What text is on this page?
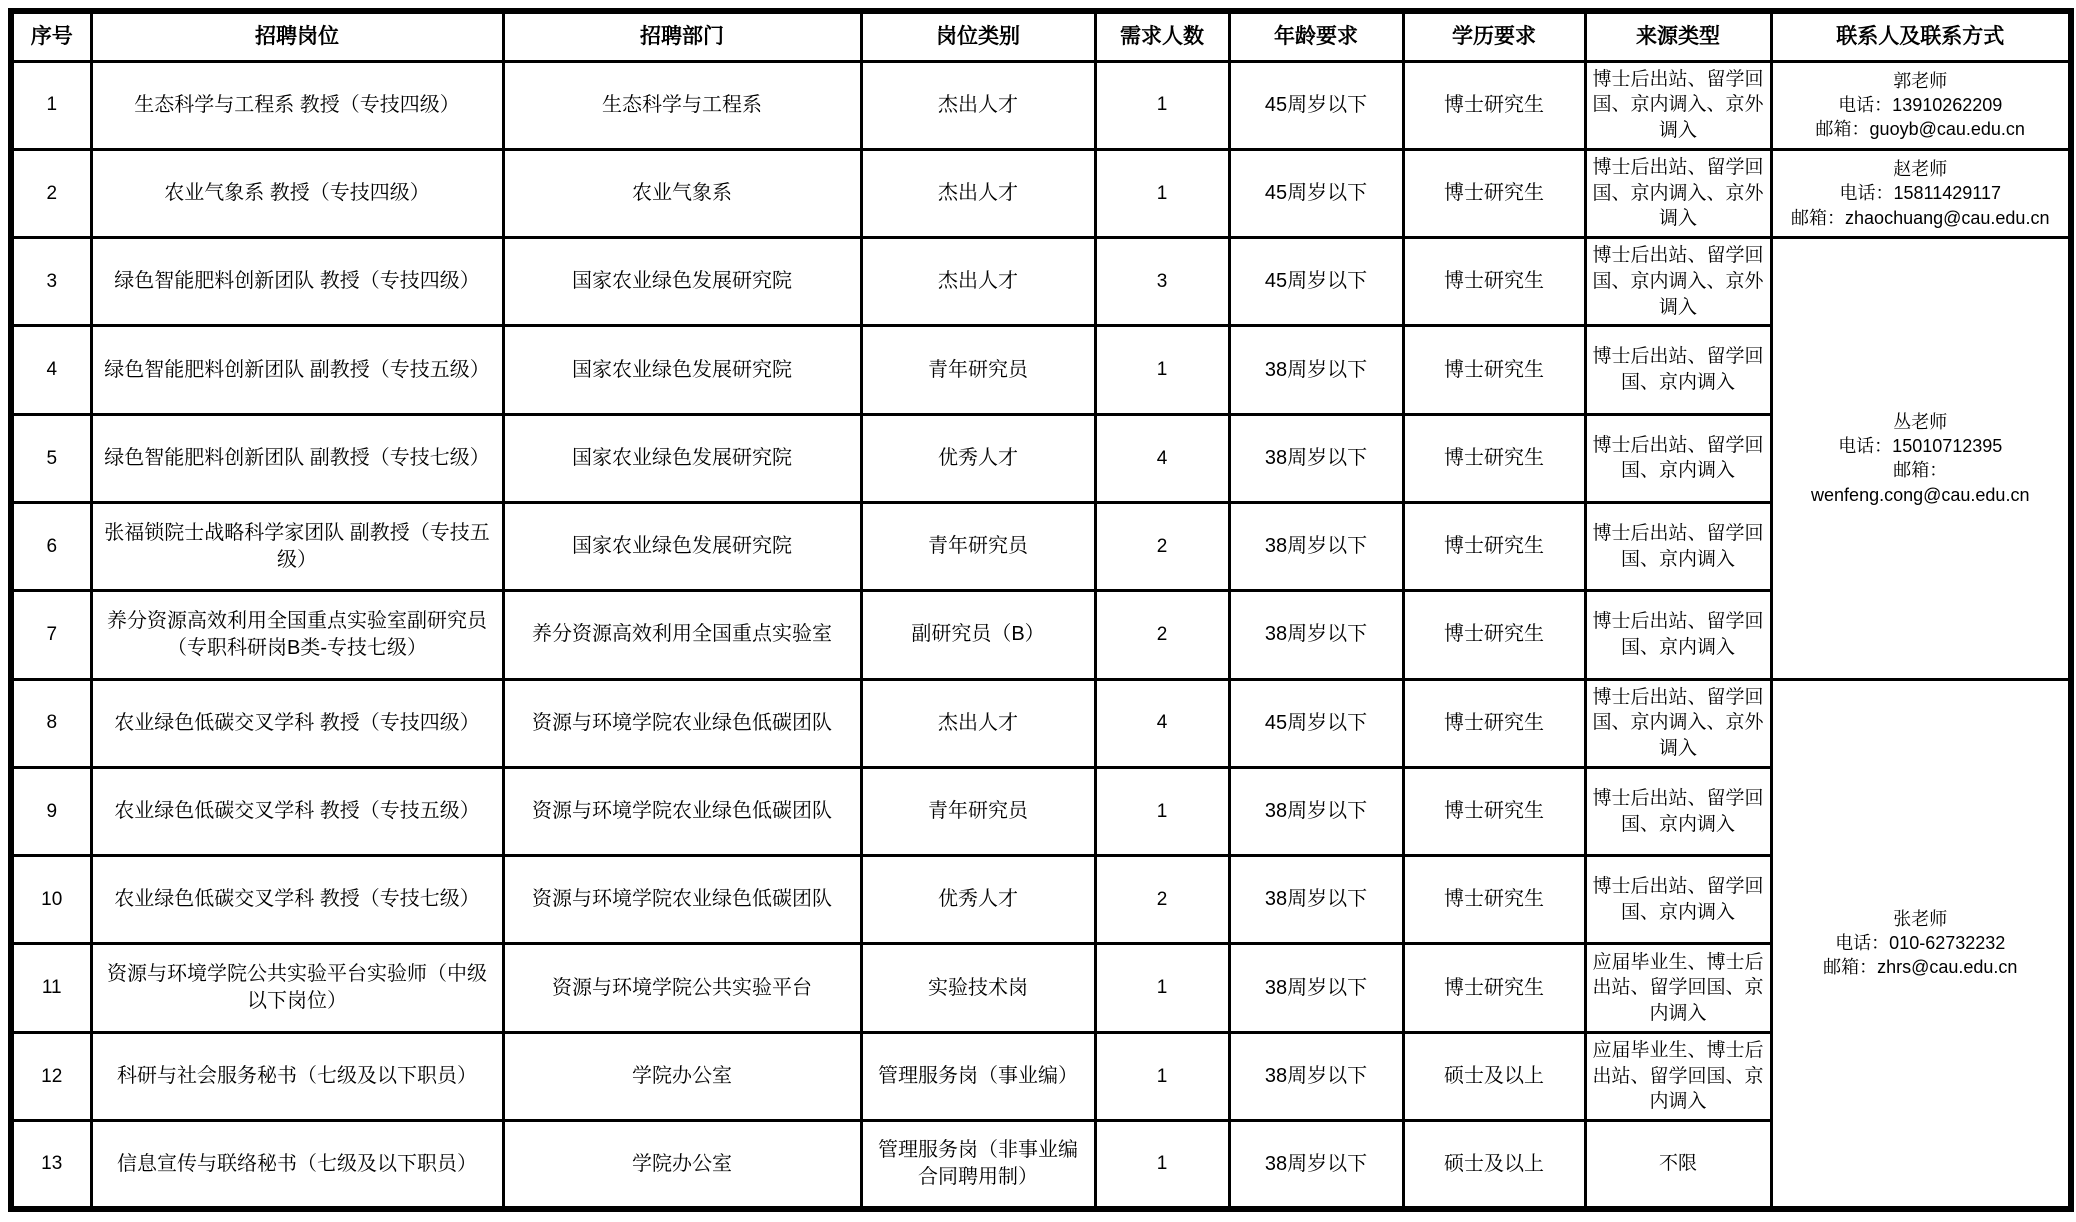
序号	招聘岗位	招聘部门	岗位类别	需求人数	年龄要求	学历要求	来源类型	联系人及联系方式
1	生态科学与工程系 教授（专技四级）	生态科学与工程系	杰出人才	1	45周岁以下	博士研究生	博士后出站、留学回国、京内调入、京外调入	郭老师
电话：13910262209
邮箱：guoyb@cau.edu.cn

2	农业气象系 教授（专技四级）	农业气象系	杰出人才	1	45周岁以下	博士研究生	博士后出站、留学回国、京内调入、京外调入	赵老师
电话：15811429117
邮箱：zhaochuang@cau.edu.cn

3	绿色智能肥料创新团队 教授（专技四级）	国家农业绿色发展研究院	杰出人才	3	45周岁以下	博士研究生	博士后出站、留学回国、京内调入、京外调入	丛老师
电话：15010712395
邮箱：
wenfeng.cong@cau.edu.cn

4	绿色智能肥料创新团队 副教授（专技五级）	国家农业绿色发展研究院	青年研究员	1	38周岁以下	博士研究生	博士后出站、留学回国、京内调入	
5	绿色智能肥料创新团队 副教授（专技七级）	国家农业绿色发展研究院	优秀人才	4	38周岁以下	博士研究生	博士后出站、留学回国、京内调入	
6	张福锁院士战略科学家团队 副教授（专技五级）	国家农业绿色发展研究院	青年研究员	2	38周岁以下	博士研究生	博士后出站、留学回国、京内调入	
7	养分资源高效利用全国重点实验室副研究员（专职科研岗B类-专技七级）	养分资源高效利用全国重点实验室	副研究员（B）	2	38周岁以下	博士研究生	博士后出站、留学回国、京内调入	
8	农业绿色低碳交叉学科 教授（专技四级）	资源与环境学院农业绿色低碳团队	杰出人才	4	45周岁以下	博士研究生	博士后出站、留学回国、京内调入、京外调入	张老师
电话：010-62732232
邮箱：zhrs@cau.edu.cn

9	农业绿色低碳交叉学科 教授（专技五级）	资源与环境学院农业绿色低碳团队	青年研究员	1	38周岁以下	博士研究生	博士后出站、留学回国、京内调入	
10	农业绿色低碳交叉学科 教授（专技七级）	资源与环境学院农业绿色低碳团队	优秀人才	2	38周岁以下	博士研究生	博士后出站、留学回国、京内调入	
11	资源与环境学院公共实验平台实验师（中级以下岗位）	资源与环境学院公共实验平台	实验技术岗	1	38周岁以下	博士研究生	应届毕业生、博士后出站、留学回国、京内调入	
12	科研与社会服务秘书（七级及以下职员）	学院办公室	管理服务岗（事业编）	1	38周岁以下	硕士及以上	应届毕业生、博士后出站、留学回国、京内调入	
13	信息宣传与联络秘书（七级及以下职员）	学院办公室	管理服务岗（非事业编合同聘用制）	1	38周岁以下	硕士及以上	不限	
